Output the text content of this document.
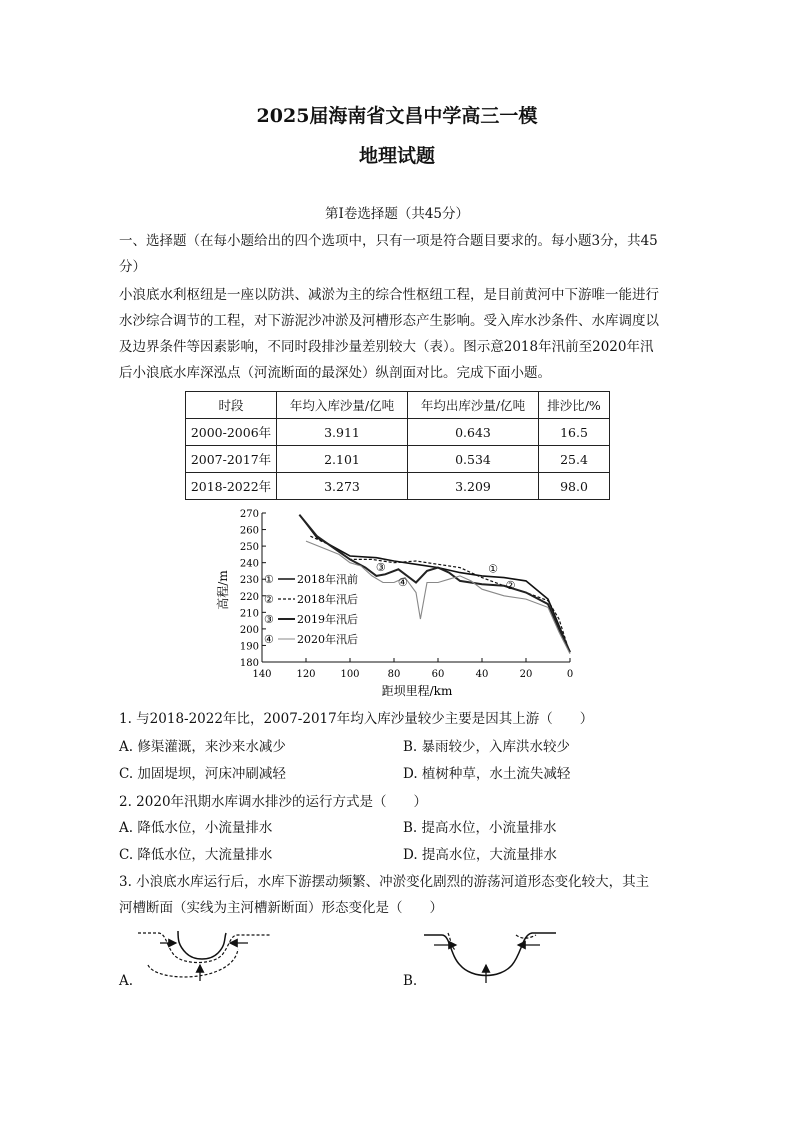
2025届海南省文昌中学高三一模
地理试题
第Ⅰ卷选择题（共45分）
一、选择题（在每小题给出的四个选项中，只有一项是符合题目要求的。每小题3分，共45
分）
小浪底水利枢纽是一座以防洪、减淤为主的综合性枢纽工程，是目前黄河中下游唯一能进行
水沙综合调节的工程，对下游泥沙冲淤及河槽形态产生影响。受入库水沙条件、水库调度以
及边界条件等因素影响，不同时段排沙量差别较大（表）。图示意2018年汛前至2020年汛
后小浪底水库深泓点（河流断面的最深处）纵剖面对比。完成下面小题。
时段	年均入库沙量/亿吨	年均出库沙量/亿吨	排沙比/%
2000-2006年	3.911	0.643	16.5
2007-2017年	2.101	0.534	25.4
2018-2022年	3.273	3.209	98.0
270
260
250
240
230
220
210
200
190
180
140 120 100	80	60	40	20	0
① 2018年汛前
② 2018年汛后
③ 2019年汛后
④ 2020年汛后
①
②
③
④
高程/m
距坝里程/km
1. 与2018-2022年比，2007-2017年均入库沙量较少主要是因其上游（　　）
A. 修渠灌溉，来沙来水减少	B. 暴雨较少，入库洪水较少
C. 加固堤坝，河床冲刷减轻	D. 植树种草，水土流失减轻
2. 2020年汛期水库调水排沙的运行方式是（　　）
A. 降低水位，小流量排水	B. 提高水位，小流量排水
C. 降低水位，大流量排水	D. 提高水位，大流量排水
3. 小浪底水库运行后，水库下游摆动频繁、冲淤变化剧烈的游荡河道形态变化较大，其主
河槽断面（实线为主河槽新断面）形态变化是（　　）
A.	B.
